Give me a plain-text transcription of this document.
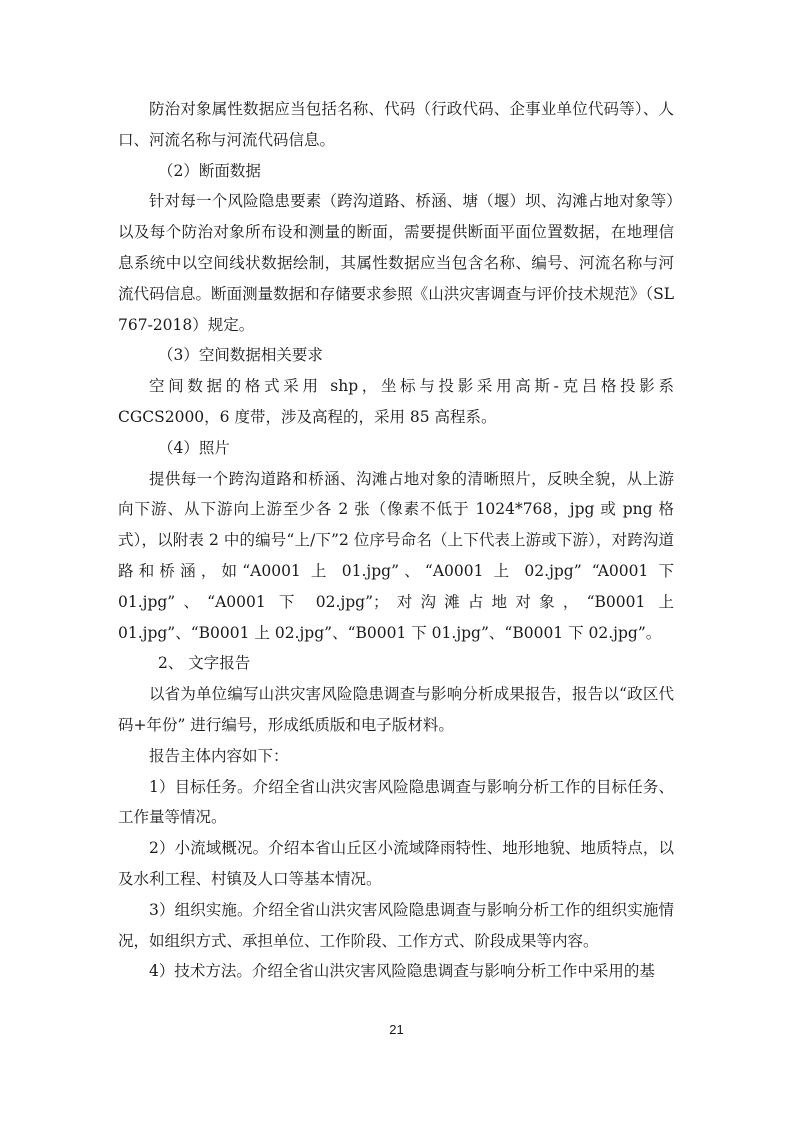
防治对象属性数据应当包括名称、代码（行政代码、企事业单位代码等）、人口、河流名称与河流代码信息。

（2）断面数据

针对每一个风险隐患要素（跨沟道路、桥涵、塘（堰）坝、沟滩占地对象等）以及每个防治对象所布设和测量的断面，需要提供断面平面位置数据，在地理信息系统中以空间线状数据绘制，其属性数据应当包含名称、编号、河流名称与河流代码信息。断面测量数据和存储要求参照《山洪灾害调查与评价技术规范》（SL 767-2018）规定。

（3）空间数据相关要求

空间数据的格式采用 shp，坐标与投影采用高斯-克吕格投影系 CGCS2000，6 度带，涉及高程的，采用 85 高程系。

（4）照片

提供每一个跨沟道路和桥涵、沟滩占地对象的清晰照片，反映全貌，从上游向下游、从下游向上游至少各 2 张（像素不低于 1024*768，jpg 或 png 格式），以附表 2 中的编号“上/下”2 位序号命名（上下代表上游或下游），对跨沟道路和桥涵，如“A0001 上 01.jpg”、“A0001 上 02.jpg” “A0001 下 01.jpg”、“A0001 下 02.jpg”；对沟滩占地对象，“B0001 上 01.jpg”、“B0001 上 02.jpg”、“B0001 下 01.jpg”、“B0001 下 02.jpg”。

2、 文字报告

以省为单位编写山洪灾害风险隐患调查与影响分析成果报告，报告以“政区代码+年份” 进行编号，形成纸质版和电子版材料。

报告主体内容如下：

1）目标任务。介绍全省山洪灾害风险隐患调查与影响分析工作的目标任务、工作量等情况。

2）小流域概况。介绍本省山丘区小流域降雨特性、地形地貌、地质特点，以及水利工程、村镇及人口等基本情况。

3）组织实施。介绍全省山洪灾害风险隐患调查与影响分析工作的组织实施情况，如组织方式、承担单位、工作阶段、工作方式、阶段成果等内容。

4）技术方法。介绍全省山洪灾害风险隐患调查与影响分析工作中采用的基

21
